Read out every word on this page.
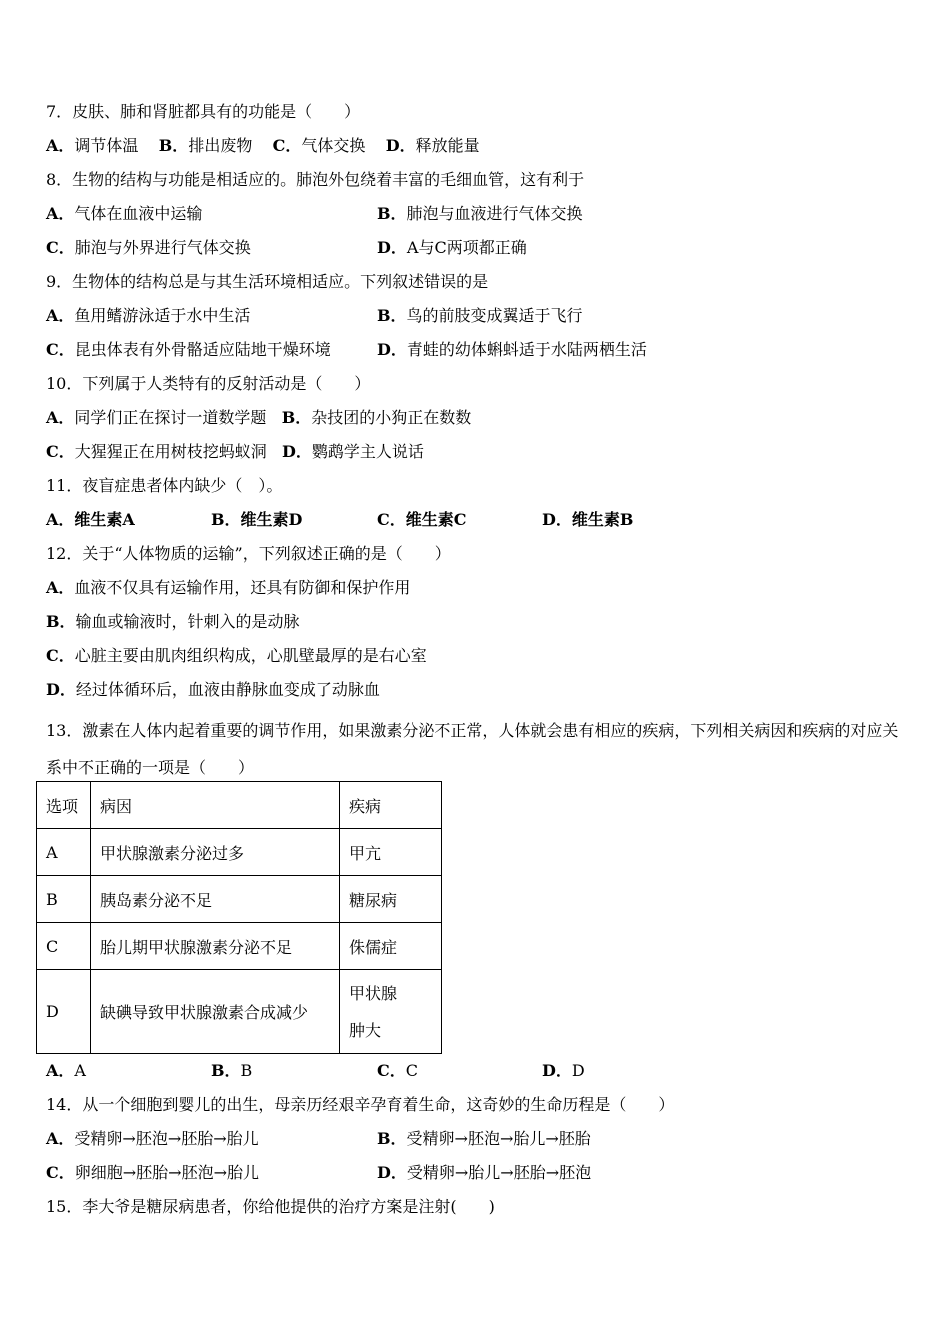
7．皮肤、肺和肾脏都具有的功能是（　　）
A．调节体温 B．排出废物 C．气体交换 D．释放能量
8．生物的结构与功能是相适应的。肺泡外包绕着丰富的毛细血管，这有利于
A．气体在血液中运输	B．肺泡与血液进行气体交换
C．肺泡与外界进行气体交换	D．A与C两项都正确
9．生物体的结构总是与其生活环境相适应。下列叙述错误的是
A．鱼用鳍游泳适于水中生活	B．鸟的前肢变成翼适于飞行
C．昆虫体表有外骨骼适应陆地干燥环境	D．青蛙的幼体蝌蚪适于水陆两栖生活
10．下列属于人类特有的反射活动是（　　）
A．同学们正在探讨一道数学题 B．杂技团的小狗正在数数
C．大猩猩正在用树枝挖蚂蚁洞 D．鹦鹉学主人说话
11．夜盲症患者体内缺少（　）。
A．维生素A	B．维生素D	C．维生素C	D．维生素B
12．关于“人体物质的运输”，下列叙述正确的是（　　）
A．血液不仅具有运输作用，还具有防御和保护作用
B．输血或输液时，针刺入的是动脉
C．心脏主要由肌肉组织构成，心肌壁最厚的是右心室
D．经过体循环后，血液由静脉血变成了动脉血
13．激素在人体内起着重要的调节作用，如果激素分泌不正常，人体就会患有相应的疾病，下列相关病因和疾病的对应关系中不正确的一项是（　　）
选项	病因	疾病
A	甲状腺激素分泌过多	甲亢
B	胰岛素分泌不足	糖尿病
C	胎儿期甲状腺激素分泌不足	侏儒症
D	缺碘导致甲状腺激素合成减少	甲状腺肿大
A．A	B．B	C．C	D．D
14．从一个细胞到婴儿的出生，母亲历经艰辛孕育着生命，这奇妙的生命历程是（　　）
A．受精卵→胚泡→胚胎→胎儿	B．受精卵→胚泡→胎儿→胚胎
C．卵细胞→胚胎→胚泡→胎儿	D．受精卵→胎儿→胚胎→胚泡
15．李大爷是糖尿病患者，你给他提供的治疗方案是注射(　　)
